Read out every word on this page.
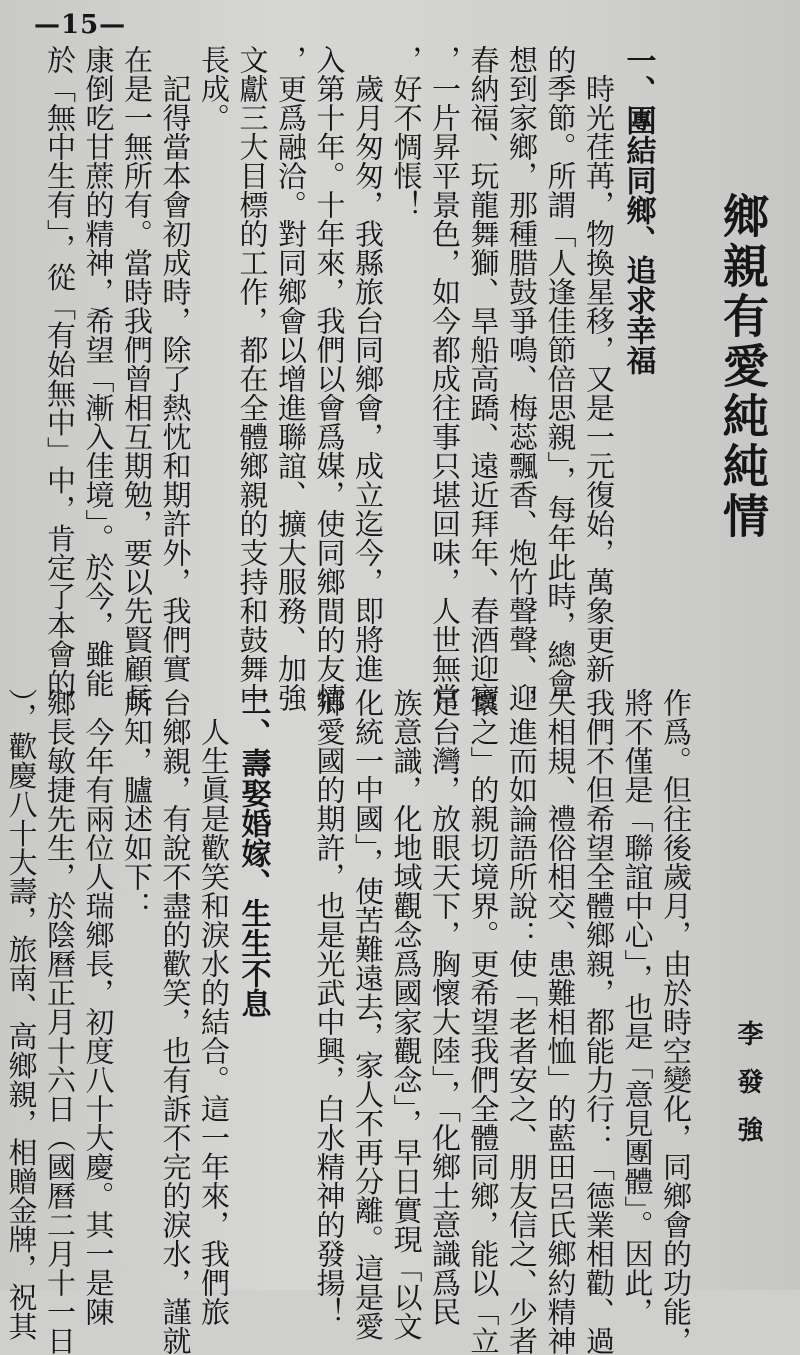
—15—
鄉親有愛純純情
李發強

一、團結同鄉、追求幸福
　時光荏苒，物換星移，又是一元復始，萬象更新
的季節。所謂「人逢佳節倍思親」，每年此時，總會
想到家鄉，那種腊鼓爭鳴、梅蕊飄香、炮竹聲聲、迎
春納福、玩龍舞獅、旱船高蹻、遠近拜年、春酒迎賓
，一片昇平景色，如今都成往事只堪回味，人世無常
，好不惆悵！
　歲月匆匆，我縣旅台同鄉會，成立迄今，即將進
入第十年。十年來，我們以會爲媒，使同鄉間的友情
，更爲融洽。對同鄉會以增進聯誼、擴大服務、加強
文獻三大目標的工作，都在全體鄉親的支持和鼓舞中
長成。
　記得當本會初成時，除了熱忱和期許外，我們實
在是一無所有。當時我們曾相互期勉，要以先賢顧長
康倒吃甘蔗的精神，希望「漸入佳境」。於今，雖能
於「無中生有」，從「有始無中」中，肯定了本會的
作爲。但往後歲月，由於時空變化，同鄉會的功能，
將不僅是「聯誼中心」，也是「意見團體」。因此，
我們不但希望全體鄉親，都能力行：「德業相勸、過
失相規、禮俗相交、患難相恤」的藍田呂氏鄉約精神
，進而如論語所說：使「老者安之、朋友信之、少者
懷之」的親切境界。更希望我們全體同鄉，能以「立
足台灣，放眼天下，胸懷大陸」，「化鄉土意識爲民
族意識，化地域觀念爲國家觀念」，早日實現「以文
化統一中國」，使苦難遠去，家人不再分離。這是愛
鄉愛國的期許，也是光武中興，白水精神的發揚！

二、壽娶婚嫁、生生不息
　人生眞是歡笑和淚水的結合。這一年來，我們旅
台鄉親，有說不盡的歡笑，也有訴不完的淚水，謹就
所知，臚述如下：
　今年有兩位人瑞鄉長，初度八十大慶。其一是陳
鄉長敏捷先生，於陰曆正月十六日（國曆二月十一日
），歡慶八十大壽，旅南、高鄉親，相贈金牌，祝其
